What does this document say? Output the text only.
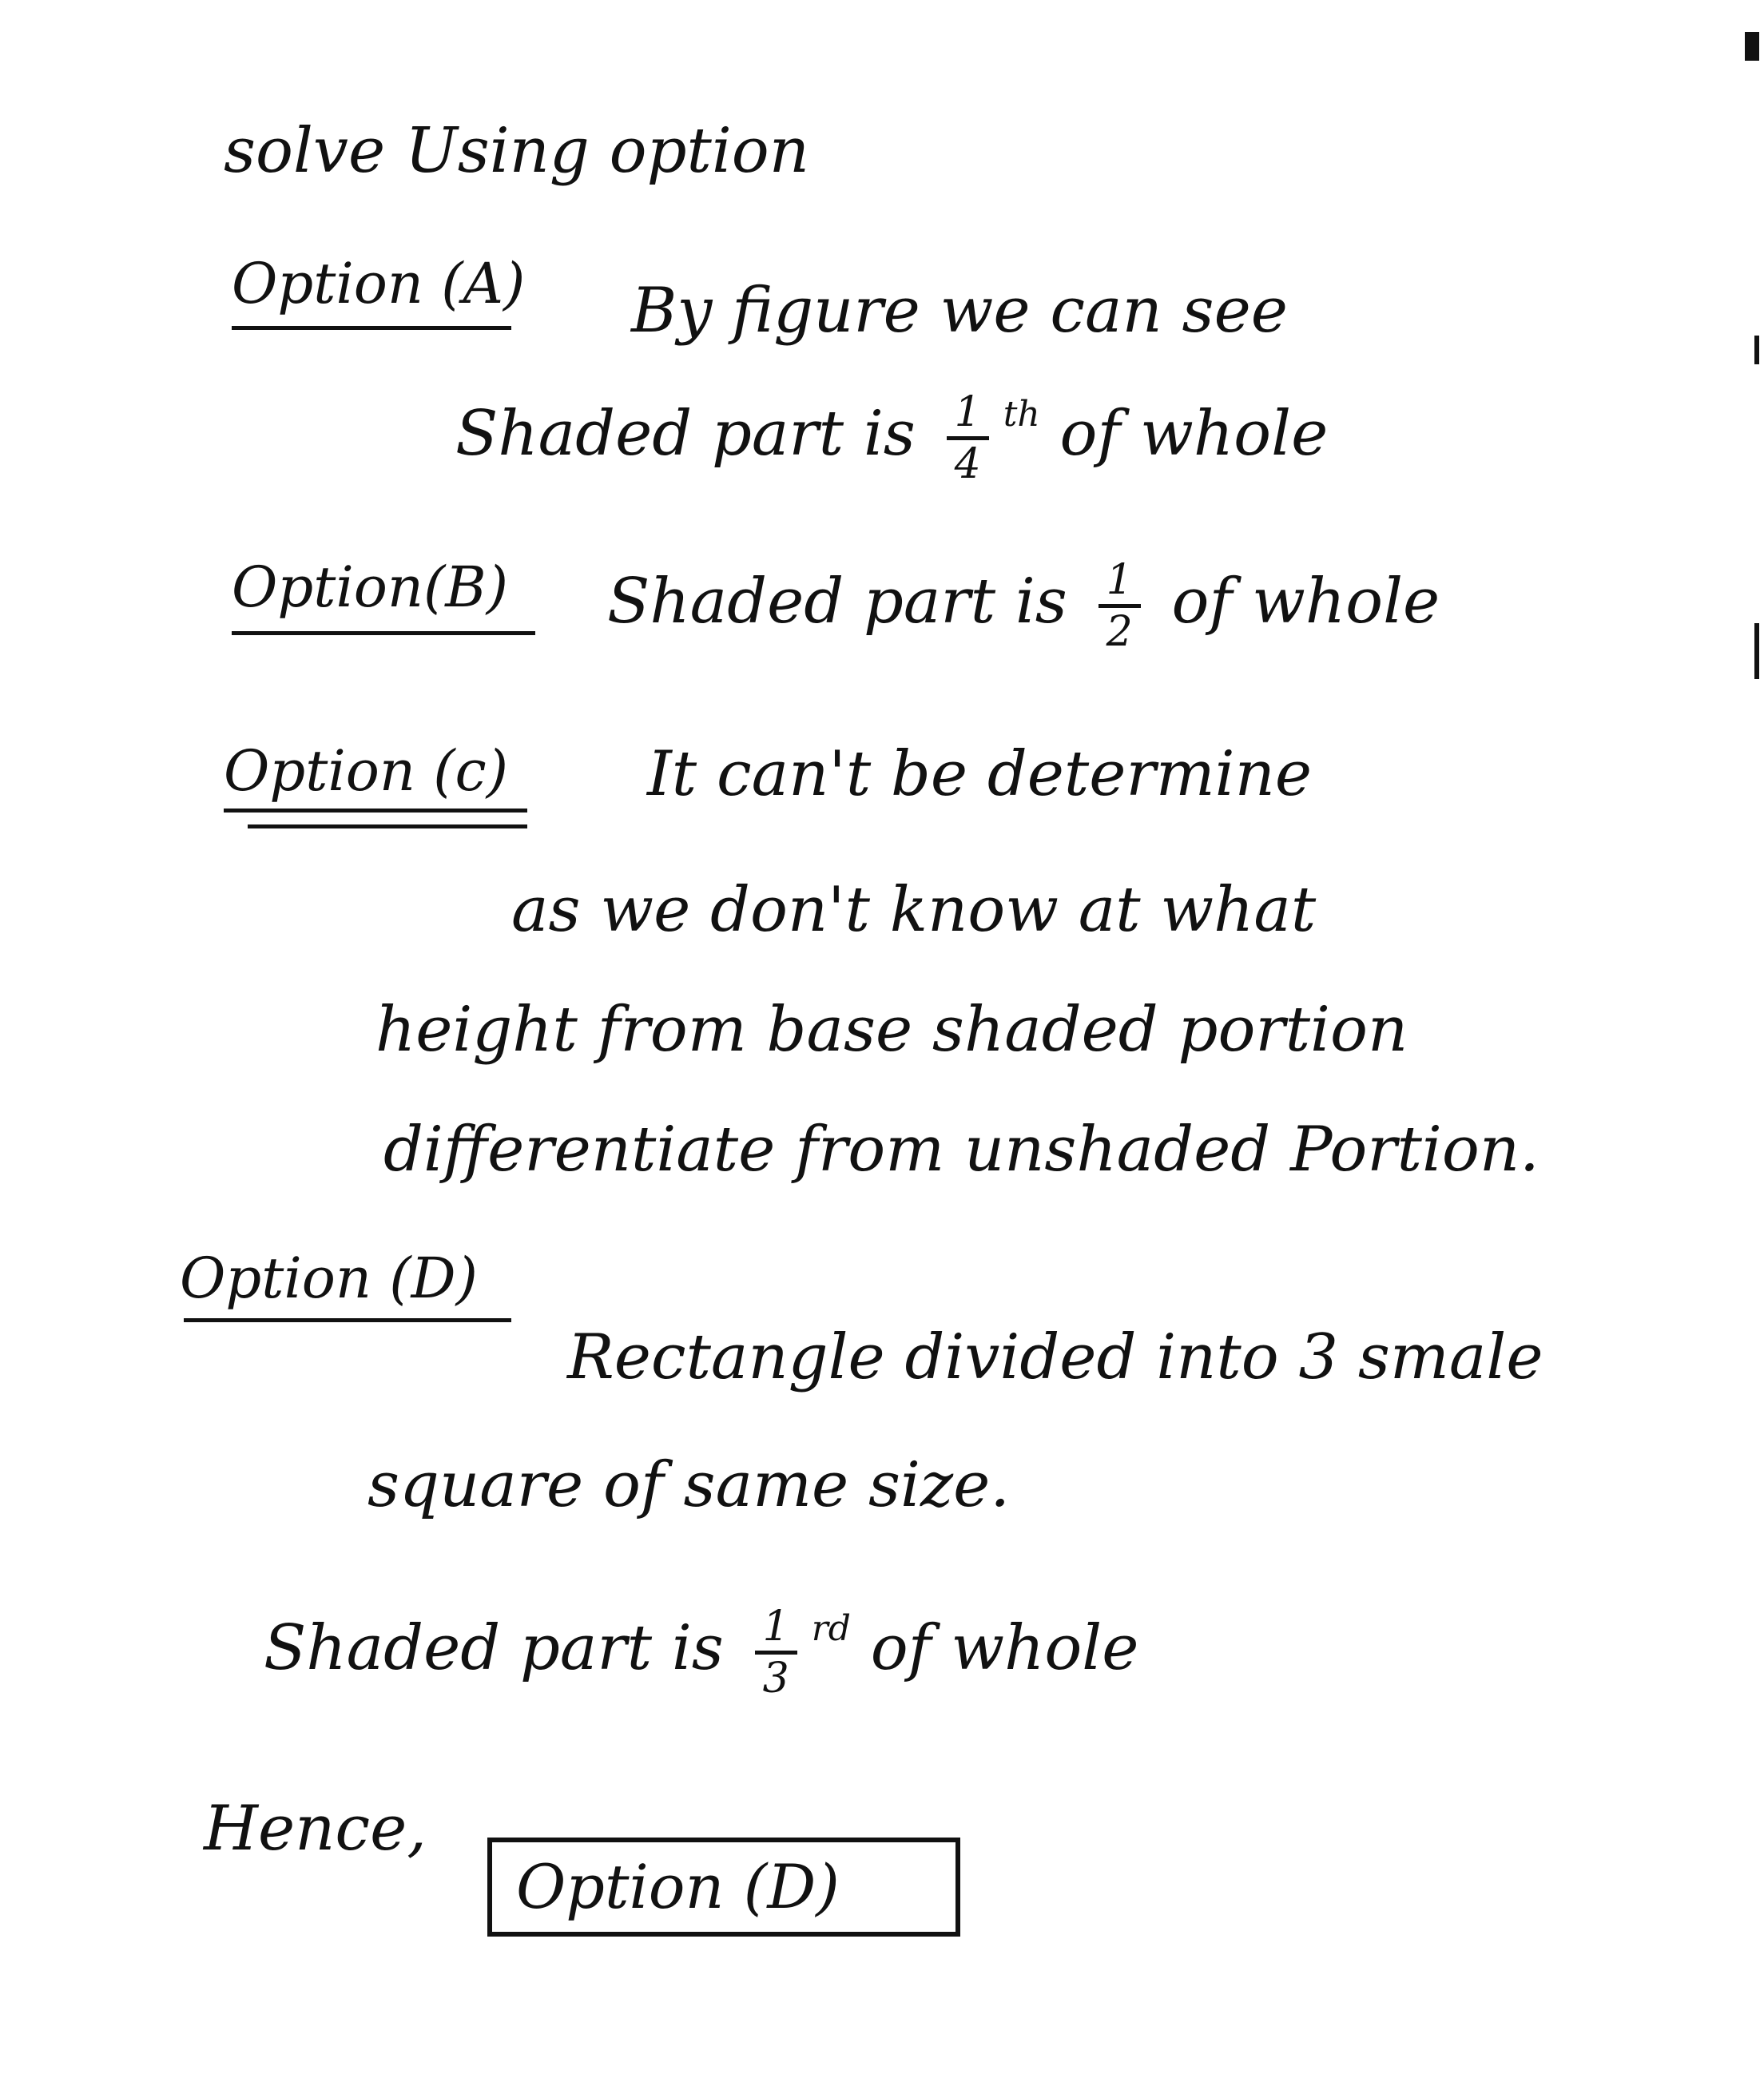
solve Using option
Option (A) By figure we can see
Shaded part is $\frac{1}{4} ^{th}$ of whole
Option(B) Shaded part is $\frac{1}{2}$ of whole
Option (c) It can't be determine
as we don't know at what
height from base shaded portion
differentiate from unshaded Portion.
Option (D)
Rectangle divided into 3 smale
square of same size.
Shaded part is $\frac{1}{3} ^{rd}$ of whole
Hence,
Option (D)
